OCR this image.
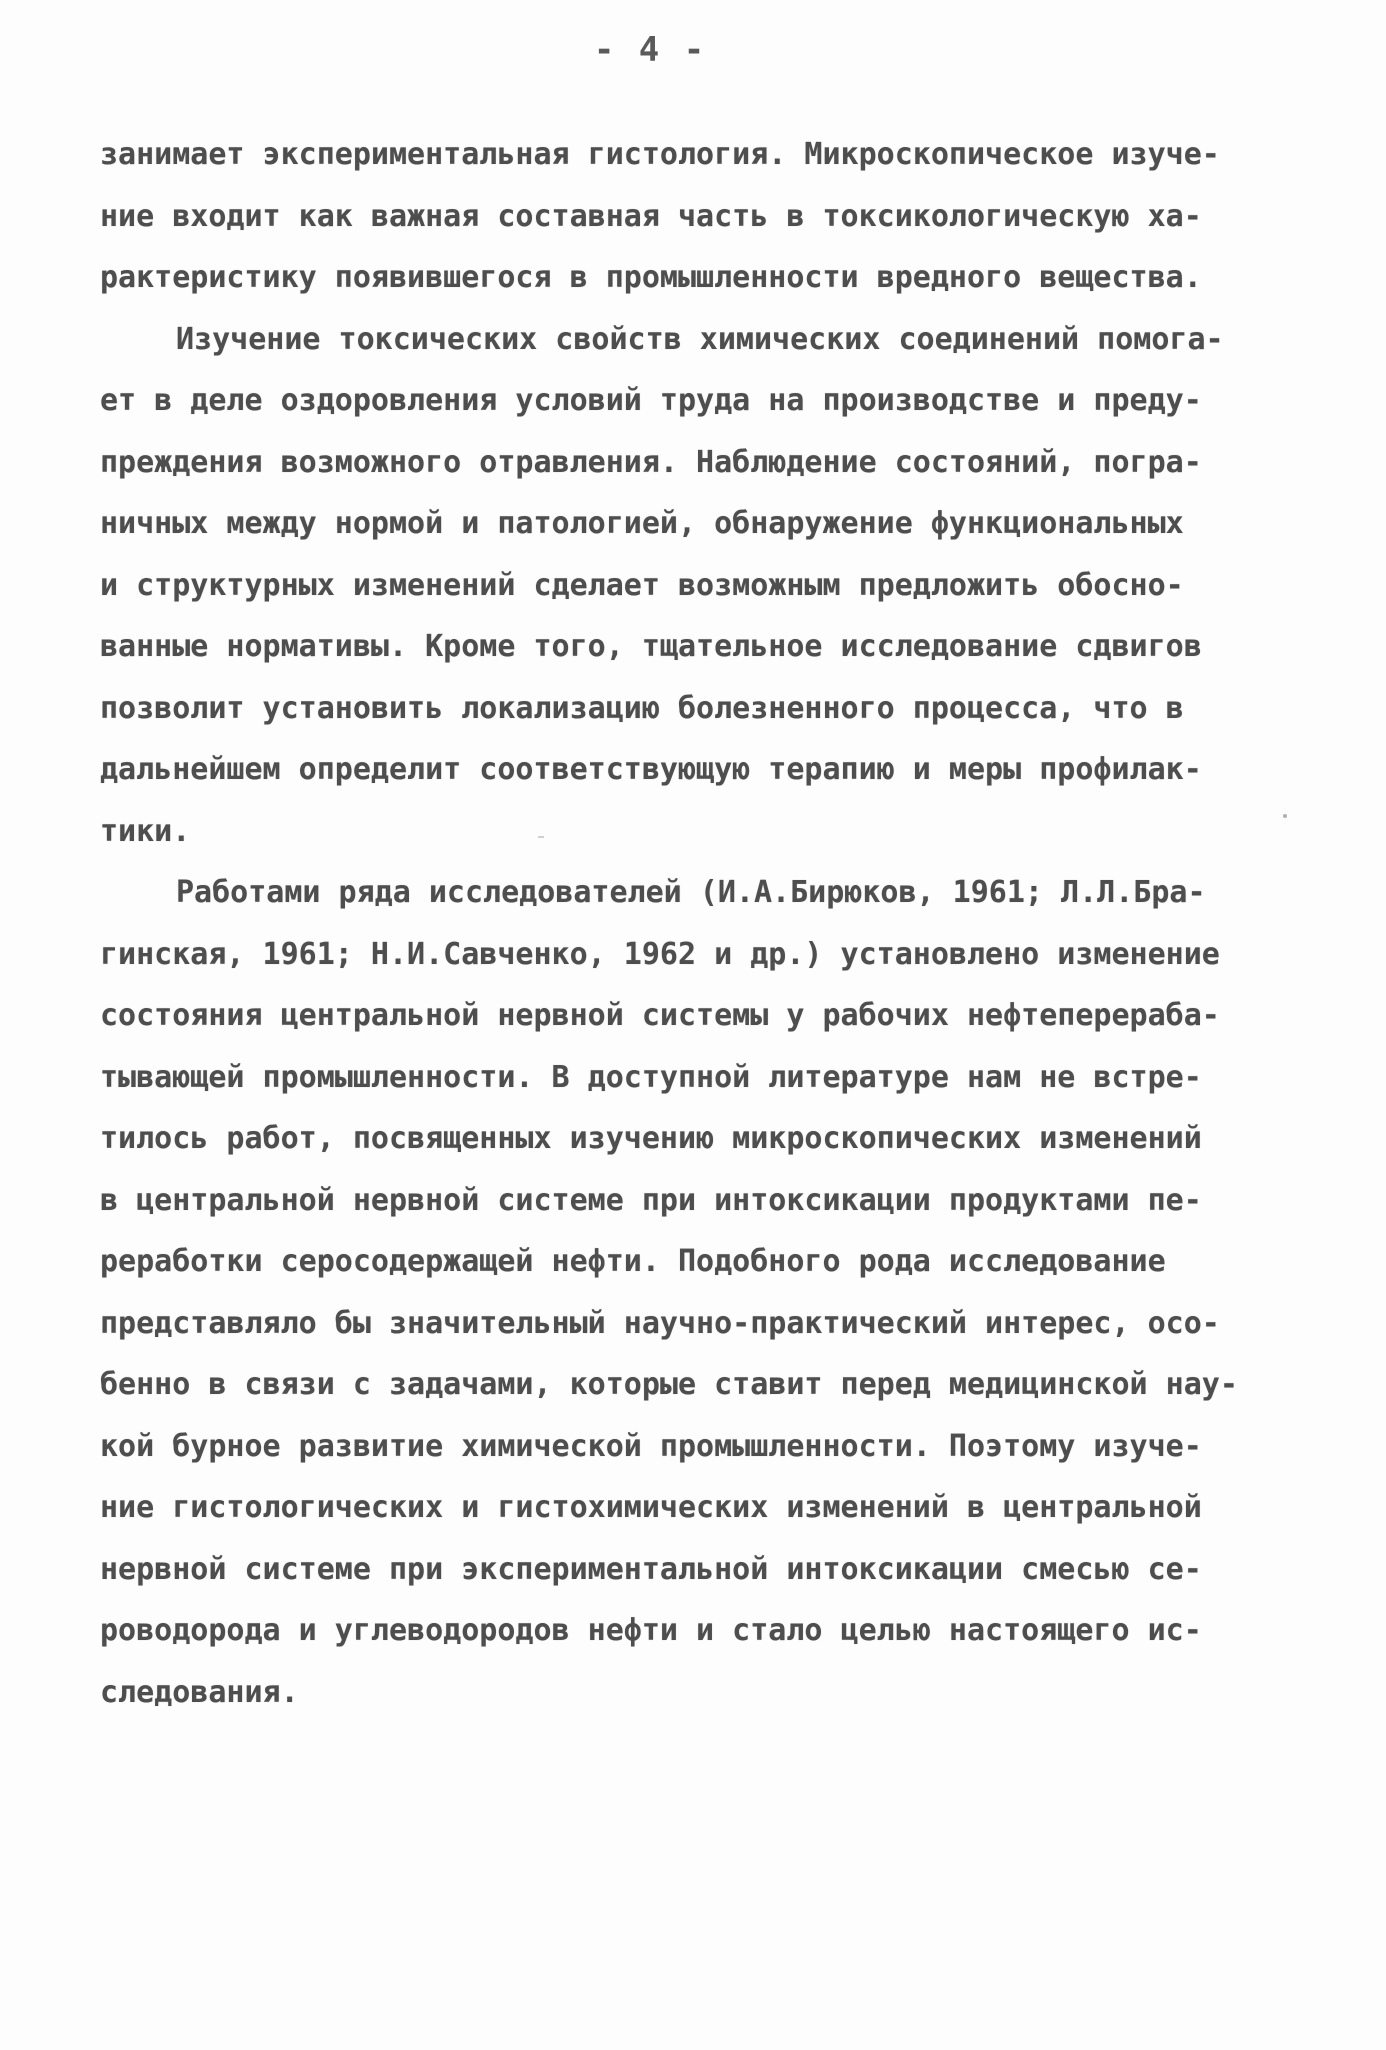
- 4 -
занимает экспериментальная гистология. Микроскопическое изуче-
ние входит как важная составная часть в токсикологическую ха-
рактеристику появившегося в промышленности вредного вещества.
Изучение токсических свойств химических соединений помога-
ет в деле оздоровления условий труда на производстве и преду-
преждения возможного отравления. Наблюдение состояний, погра-
ничных между нормой и патологией, обнаружение функциональных
и структурных изменений сделает возможным предложить обосно-
ванные нормативы. Кроме того, тщательное исследование сдвигов
позволит установить локализацию болезненного процесса, что в
дальнейшем определит соответствующую терапию и меры профилак-
тики.
Работами ряда исследователей (И.А.Бирюков, 1961; Л.Л.Бра-
гинская, 1961; Н.И.Савченко, 1962 и др.) установлено изменение
состояния центральной нервной системы у рабочих нефтеперераба-
тывающей промышленности. В доступной литературе нам не встре-
тилось работ, посвященных изучению микроскопических изменений
в центральной нервной системе при интоксикации продуктами пе-
реработки серосодержащей нефти. Подобного рода исследование
представляло бы значительный научно-практический интерес, осо-
бенно в связи с задачами, которые ставит перед медицинской нау-
кой бурное развитие химической промышленности. Поэтому изуче-
ние гистологических и гистохимических изменений в центральной
нервной системе при экспериментальной интоксикации смесью се-
роводорода и углеводородов нефти и стало целью настоящего ис-
следования.
